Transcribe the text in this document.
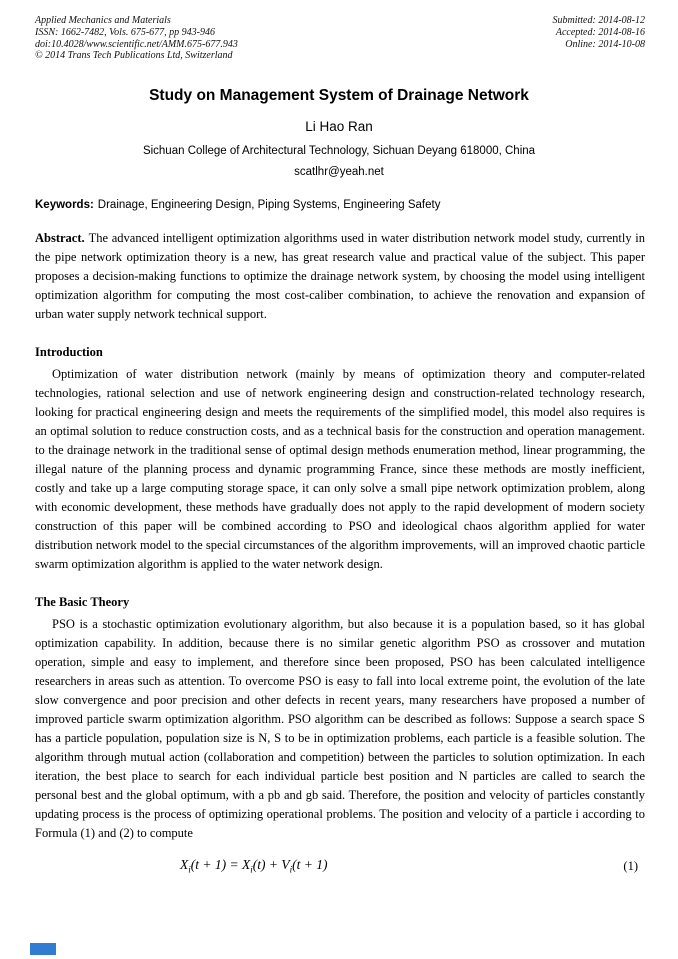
Applied Mechanics and Materials
ISSN: 1662-7482, Vols. 675-677, pp 943-946
doi:10.4028/www.scientific.net/AMM.675-677.943
© 2014 Trans Tech Publications Ltd, Switzerland
Submitted: 2014-08-12
Accepted: 2014-08-16
Online: 2014-10-08
Study on Management System of Drainage Network
Li Hao Ran
Sichuan College of Architectural Technology, Sichuan Deyang 618000, China
scatlhr@yeah.net

Keywords: Drainage, Engineering Design, Piping Systems, Engineering Safety

Abstract. The advanced intelligent optimization algorithms used in water distribution network model study, currently in the pipe network optimization theory is a new, has great research value and practical value of the subject. This paper proposes a decision-making functions to optimize the drainage network system, by choosing the model using intelligent optimization algorithm for computing the most cost-caliber combination, to achieve the renovation and expansion of urban water supply network technical support.

Introduction

Optimization of water distribution network (mainly by means of optimization theory and computer-related technologies, rational selection and use of network engineering design and construction-related technology research, looking for practical engineering design and meets the requirements of the simplified model, this model also requires is an optimal solution to reduce construction costs, and as a technical basis for the construction and operation management. to the drainage network in the traditional sense of optimal design methods enumeration method, linear programming, the illegal nature of the planning process and dynamic programming France, since these methods are mostly inefficient, costly and take up a large computing storage space, it can only solve a small pipe network optimization problem, along with economic development, these methods have gradually does not apply to the rapid development of modern society construction of this paper will be combined according to PSO and ideological chaos algorithm applied for water distribution network model to the special circumstances of the algorithm improvements, will an improved chaotic particle swarm optimization algorithm is applied to the water network design.

The Basic Theory

PSO is a stochastic optimization evolutionary algorithm, but also because it is a population based, so it has global optimization capability. In addition, because there is no similar genetic algorithm PSO as crossover and mutation operation, simple and easy to implement, and therefore since been proposed, PSO has been calculated intelligence researchers in areas such as attention. To overcome PSO is easy to fall into local extreme point, the evolution of the late slow convergence and poor precision and other defects in recent years, many researchers have proposed a number of improved particle swarm optimization algorithm. PSO algorithm can be described as follows: Suppose a search space S has a particle population, population size is N, S to be in optimization problems, each particle is a feasible solution. The algorithm through mutual action (collaboration and competition) between the particles to solution optimization. In each iteration, the best place to search for each individual particle best position and N particles are called to search the personal best and the global optimum, with a pb and gb said. Therefore, the position and velocity of particles constantly updating process is the process of optimizing operational problems. The position and velocity of a particle i according to Formula (1) and (2) to compute

$X_i(t + 1) = X_i(t) + V_i(t + 1)$	(1)
